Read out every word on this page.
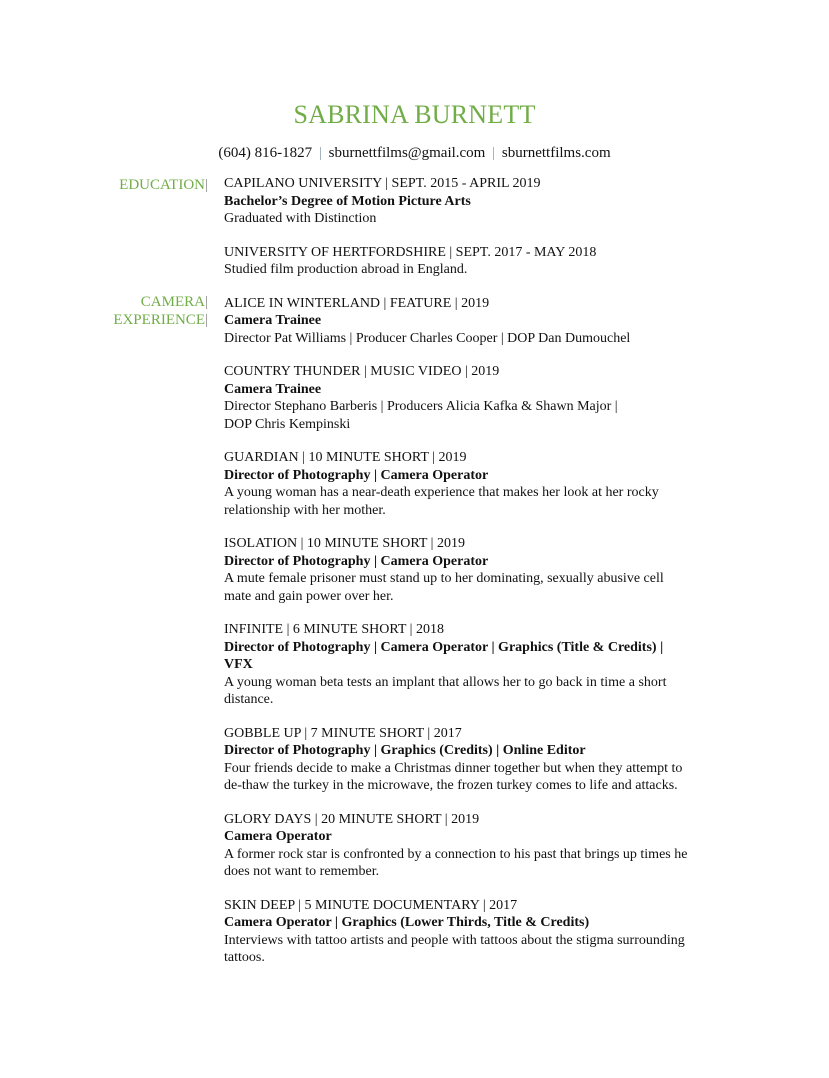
SABRINA BURNETT
(604) 816-1827 | sburnettfilms@gmail.com | sburnettfilms.com
EDUCATION|
CAMERA|
EXPERIENCE|
CAPILANO UNIVERSITY | SEPT. 2015 - APRIL 2019
Bachelor’s Degree of Motion Picture Arts
Graduated with Distinction
UNIVERSITY OF HERTFORDSHIRE | SEPT. 2017 - MAY 2018
Studied film production abroad in England.
ALICE IN WINTERLAND | FEATURE | 2019
Camera Trainee
Director Pat Williams | Producer Charles Cooper | DOP Dan Dumouchel
COUNTRY THUNDER | MUSIC VIDEO | 2019
Camera Trainee
Director Stephano Barberis | Producers Alicia Kafka & Shawn Major |
DOP Chris Kempinski
GUARDIAN | 10 MINUTE SHORT | 2019
Director of Photography | Camera Operator
A young woman has a near-death experience that makes her look at her rocky
relationship with her mother.
ISOLATION | 10 MINUTE SHORT | 2019
Director of Photography | Camera Operator
A mute female prisoner must stand up to her dominating, sexually abusive cell
mate and gain power over her.
INFINITE | 6 MINUTE SHORT | 2018
Director of Photography | Camera Operator | Graphics (Title & Credits) |
VFX
A young woman beta tests an implant that allows her to go back in time a short
distance.
GOBBLE UP | 7 MINUTE SHORT | 2017
Director of Photography | Graphics (Credits) | Online Editor
Four friends decide to make a Christmas dinner together but when they attempt to
de-thaw the turkey in the microwave, the frozen turkey comes to life and attacks.
GLORY DAYS | 20 MINUTE SHORT | 2019
Camera Operator
A former rock star is confronted by a connection to his past that brings up times he
does not want to remember.
SKIN DEEP | 5 MINUTE DOCUMENTARY | 2017
Camera Operator | Graphics (Lower Thirds, Title & Credits)
Interviews with tattoo artists and people with tattoos about the stigma surrounding
tattoos.
